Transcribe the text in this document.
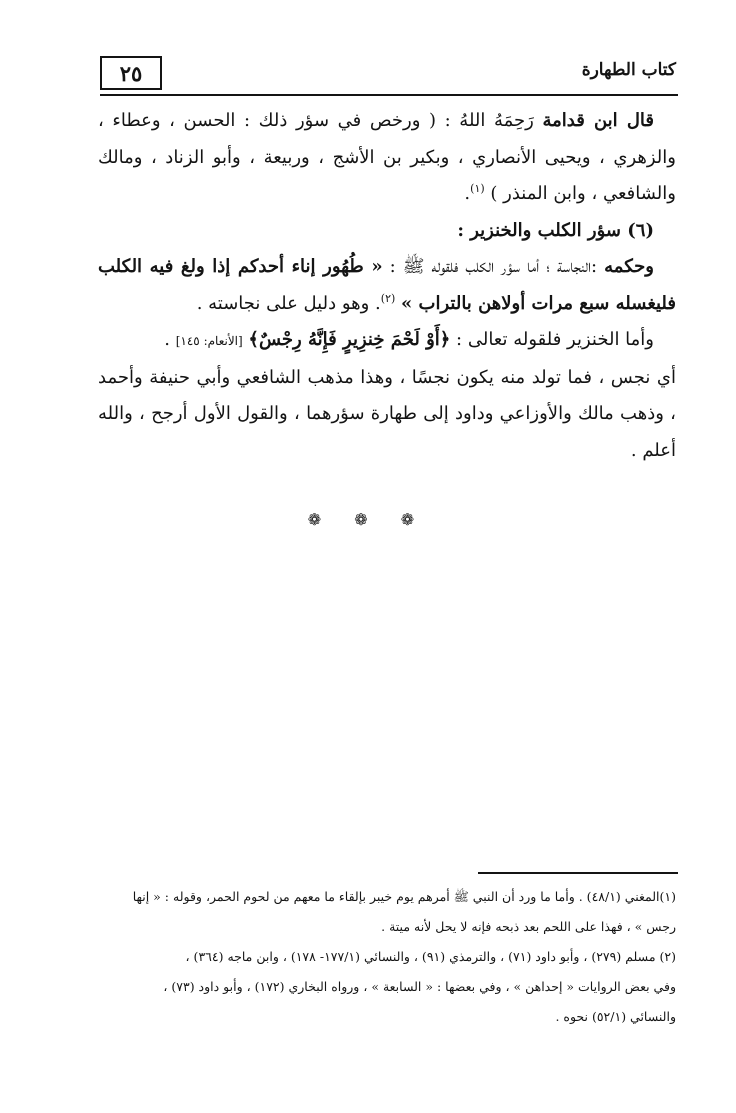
٢٥	كتاب الطهارة

قال ابن قدامة رَحِمَهُ اللهُ : ( ورخص في سؤر ذلك : الحسن ، وعطاء ، والزهري ، ويحيى الأنصاري ، وبكير بن الأشج ، وربيعة ، وأبو الزناد ، ومالك والشافعي ، وابن المنذر ) $^{(١)}$.

(٦) سؤر الكلب والخنزير :

وحكمه :النجاسة ؛ أما سؤر الكلب فلقوله ﷺ : « طُهُور إناء أحدكم إذا ولغ فيه الكلب فليغسله سبع مرات أولاهن بالتراب » $^{(٢)}$. وهو دليل على نجاسته .

وأما الخنزير فلقوله تعالى : ﴿أَوْ لَحْمَ خِنزِيرٍ فَإِنَّهُ رِجْسٌ﴾ [الأنعام: ١٤٥] .

أي نجس ، فما تولد منه يكون نجسًا ، وهذا مذهب الشافعي وأبي حنيفة وأحمد ، وذهب مالك والأوزاعي وداود إلى طهارة سؤرهما ، والقول الأول أرجح ، والله أعلم .

❁ ❁ ❁

(١)المغني (٤٨/١) . وأما ما ورد أن النبي ﷺ أمرهم يوم خيبر بإلقاء ما معهم من لحوم الحمر، وقوله : « إنها

رجس » ، فهذا على اللحم بعد ذبحه فإنه لا يحل لأنه ميتة .

(٢) مسلم (٢٧٩) ، وأبو داود (٧١) ، والترمذي (٩١) ، والنسائي (١٧٧/١- ١٧٨) ، وابن ماجه (٣٦٤) ،

وفي بعض الروايات « إحداهن » ، وفي بعضها : « السابعة » ، ورواه البخاري (١٧٢) ، وأبو داود (٧٣) ،

والنسائي (٥٢/١) نحوه .
